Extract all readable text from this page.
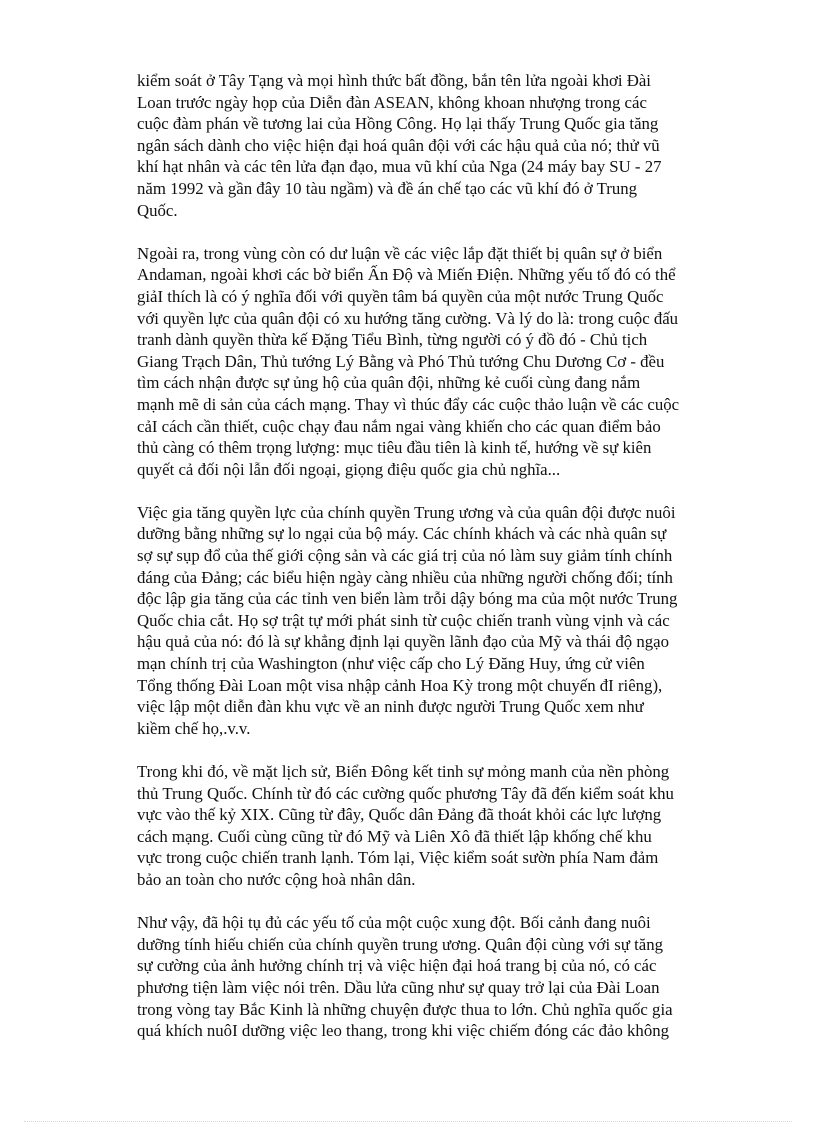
kiểm soát ở Tây Tạng và mọi hình thức bất đồng, bắn tên lửa ngoài khơi Đài
Loan trước ngày họp của Diễn đàn ASEAN, không khoan nhượng trong các
cuộc đàm phán về tương lai của Hồng Công. Họ lại thấy Trung Quốc gia tăng
ngân sách dành cho việc hiện đại hoá quân đội với các hậu quả của nó; thử vũ
khí hạt nhân và các tên lửa đạn đạo, mua vũ khí của Nga (24 máy bay SU - 27
năm 1992 và gần đây 10 tàu ngầm) và đề án chế tạo các vũ khí đó ở Trung
Quốc.

Ngoài ra, trong vùng còn có dư luận về các việc lắp đặt thiết bị quân sự ở biển
Andaman, ngoài khơi các bờ biển Ấn Độ và Miến Điện. Những yếu tố đó có thể
giảI thích là có ý nghĩa đối với quyền tâm bá quyền của một nước Trung Quốc
với quyền lực của quân đội có xu hướng tăng cường. Và lý do là: trong cuộc đấu
tranh dành quyền thừa kế Đặng Tiểu Bình, từng người có ý đồ đó - Chủ tịch
Giang Trạch Dân, Thủ tướng Lý Bằng và Phó Thủ tướng Chu Dương Cơ - đều
tìm cách nhận được sự ủng hộ của quân đội, những kẻ cuối cùng đang nắm
mạnh mẽ di sản của cách mạng. Thay vì thúc đẩy các cuộc thảo luận về các cuộc
cảI cách cần thiết, cuộc chạy đau nắm ngai vàng khiến cho các quan điểm bảo
thủ càng có thêm trọng lượng: mục tiêu đầu tiên là kinh tế, hướng về sự kiên
quyết cả đối nội lẫn đối ngoại, giọng điệu quốc gia chủ nghĩa...

Việc gia tăng quyền lực của chính quyền Trung ương và của quân đội được nuôi
dưỡng bằng những sự lo ngại của bộ máy. Các chính khách và các nhà quân sự
sợ sự sụp đổ của thế giới cộng sản và các giá trị của nó làm suy giảm tính chính
đáng của Đảng; các biểu hiện ngày càng nhiều của những người chống đối; tính
độc lập gia tăng của các tỉnh ven biển làm trỗi dậy bóng ma của một nước Trung
Quốc chia cắt. Họ sợ trật tự mới phát sinh từ cuộc chiến tranh vùng vịnh và các
hậu quả của nó: đó là sự khẳng định lại quyền lãnh đạo của Mỹ và thái độ ngạo
mạn chính trị của Washington (như việc cấp cho Lý Đăng Huy, ứng cử viên
Tổng thống Đài Loan một visa nhập cảnh Hoa Kỳ trong một chuyến đI riêng),
việc lập một diễn đàn khu vực về an ninh được người Trung Quốc xem như
kiềm chế họ,.v.v.

Trong khi đó, về mặt lịch sử, Biển Đông kết tinh sự mỏng manh của nền phòng
thủ Trung Quốc. Chính từ đó các cường quốc phương Tây đã đến kiểm soát khu
vực vào thế kỷ XIX. Cũng từ đây, Quốc dân Đảng đã thoát khỏi các lực lượng
cách mạng. Cuối cùng cũng từ đó Mỹ và Liên Xô đã thiết lập khống chế khu
vực trong cuộc chiến tranh lạnh. Tóm lại, Việc kiểm soát sườn phía Nam đảm
bảo an toàn cho nước cộng hoà nhân dân.

Như vậy, đã hội tụ đủ các yếu tố của một cuộc xung đột. Bối cảnh đang nuôi
dưỡng tính hiếu chiến của chính quyền trung ương. Quân đội cùng với sự tăng
sự cường của ảnh hưởng chính trị và việc hiện đại hoá trang bị của nó, có các
phương tiện làm việc nói trên. Dầu lửa cũng như sự quay trở lại của Đài Loan
trong vòng tay Bắc Kinh là những chuyện được thua to lớn. Chủ nghĩa quốc gia
quá khích nuôI dưỡng việc leo thang, trong khi việc chiếm đóng các đảo không
